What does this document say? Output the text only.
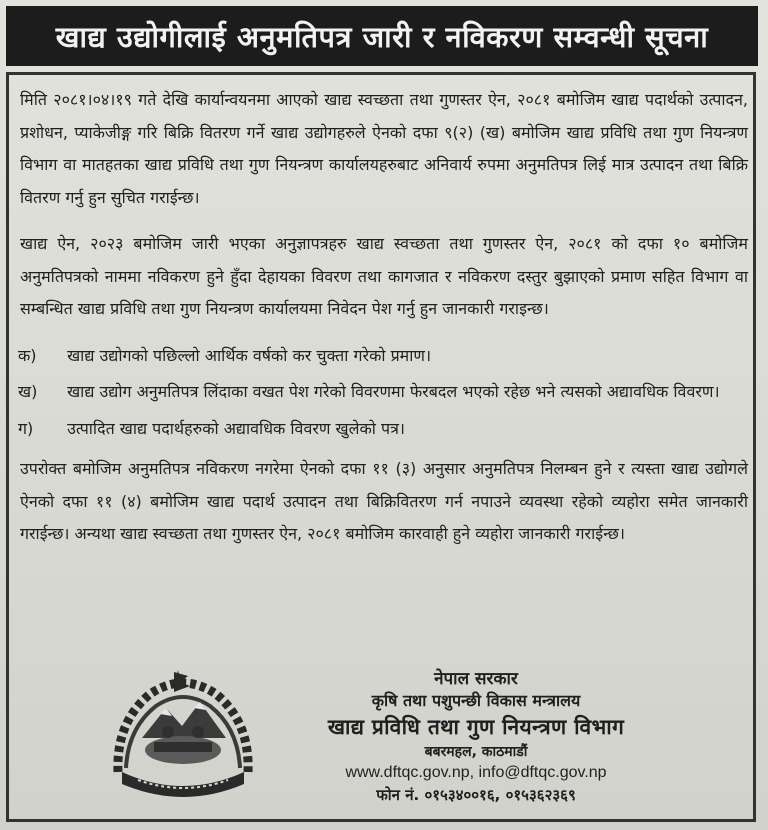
खाद्य उद्योगीलाई अनुमतिपत्र जारी र नविकरण सम्वन्धी सूचना

मिति २०८१।०४।१९ गते देखि कार्यान्वयनमा आएको खाद्य स्वच्छता तथा गुणस्तर ऐन, २०८१ बमोजिम खाद्य पदार्थको उत्पादन, प्रशोधन, प्याकेजीङ्ग गरि बिक्रि वितरण गर्ने खाद्य उद्योगहरुले ऐनको दफा ९(२) (ख) बमोजिम खाद्य प्रविधि तथा गुण नियन्त्रण विभाग वा मातहतका खाद्य प्रविधि तथा गुण नियन्त्रण कार्यालयहरुबाट अनिवार्य रुपमा अनुमतिपत्र लिई मात्र उत्पादन तथा बिक्रि वितरण गर्नु हुन सुचित गराईन्छ।

खाद्य ऐन, २०२३ बमोजिम जारी भएका अनुज्ञापत्रहरु खाद्य स्वच्छता तथा गुणस्तर ऐन, २०८१ को दफा १० बमोजिम अनुमतिपत्रको नाममा नविकरण हुने हुँदा देहायका विवरण तथा कागजात र नविकरण दस्तुर बुझाएको प्रमाण सहित विभाग वा सम्बन्धित खाद्य प्रविधि तथा गुण नियन्त्रण कार्यालयमा निवेदन पेश गर्नु हुन जानकारी गराइन्छ।

क) खाद्य उद्योगको पछिल्लो आर्थिक वर्षको कर चुक्ता गरेको प्रमाण।
ख) खाद्य उद्योग अनुमतिपत्र लिंदाका वखत पेश गरेको विवरणमा फेरबदल भएको रहेछ भने त्यसको अद्यावधिक विवरण।
ग) उत्पादित खाद्य पदार्थहरुको अद्यावधिक विवरण खुलेको पत्र।

उपरोक्त बमोजिम अनुमतिपत्र नविकरण नगरेमा ऐनको दफा ११ (३) अनुसार अनुमतिपत्र निलम्बन हुने र त्यस्ता खाद्य उद्योगले ऐनको दफा ११ (४) बमोजिम खाद्य पदार्थ उत्पादन तथा बिक्रिवितरण गर्न नपाउने व्यवस्था रहेको व्यहोरा समेत जानकारी गराईन्छ। अन्यथा खाद्य स्वच्छता तथा गुणस्तर ऐन, २०८१ बमोजिम कारवाही हुने व्यहोरा जानकारी गराईन्छ।

नेपाल सरकार
कृषि तथा पशुपन्छी विकास मन्त्रालय
खाद्य प्रविधि तथा गुण नियन्त्रण विभाग
बबरमहल, काठमाडौं
www.dftqc.gov.np, info@dftqc.gov.np
फोन नं. ०१५३४००१६, ०१५३६२३६९
